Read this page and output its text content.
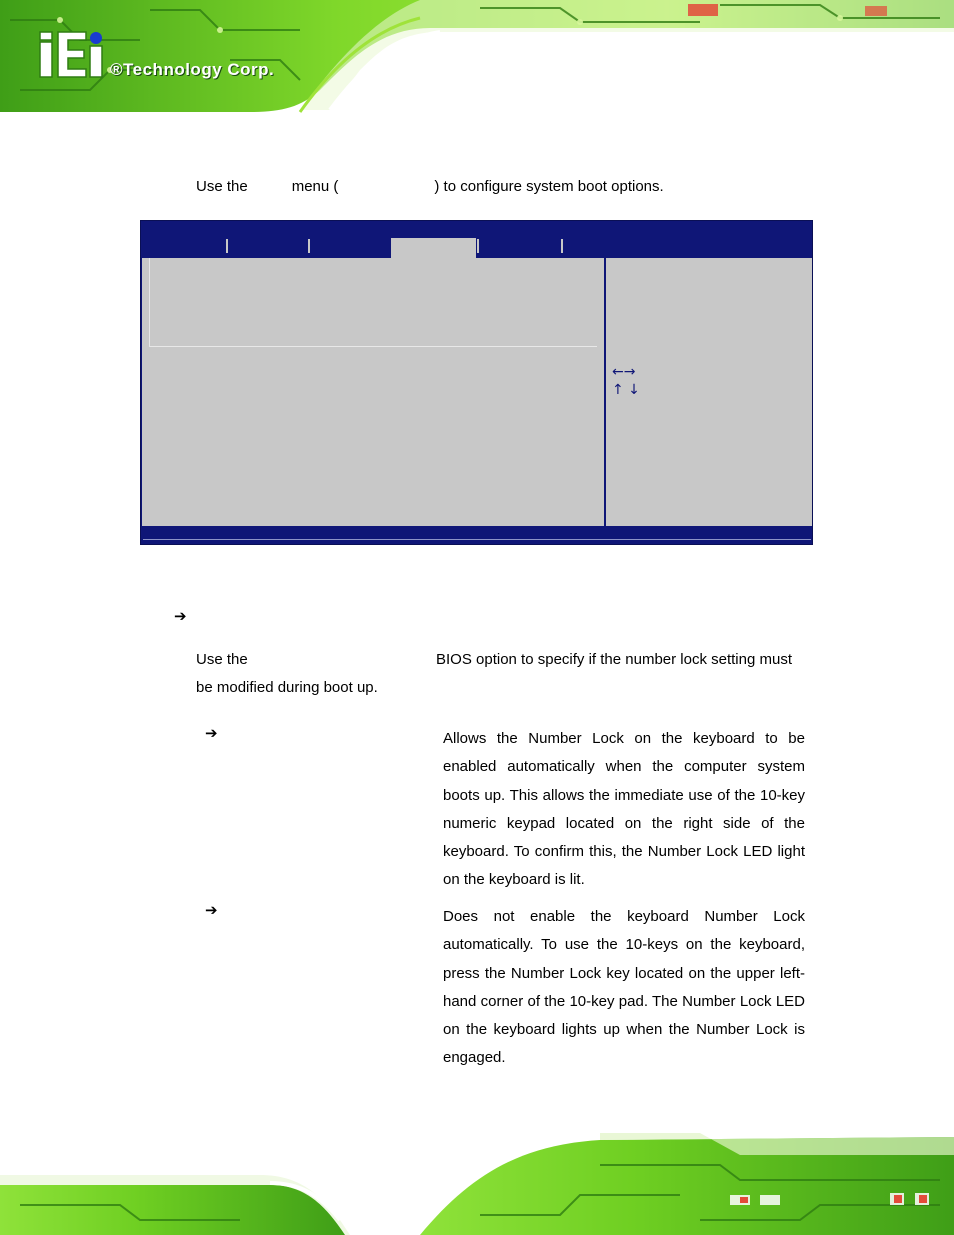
®Technology Corp.
Use the	menu (	) to configure system boot options.
←→
↑ ↓
➔
Use the	BIOS option to specify if the number lock setting must
be modified during boot up.
➔	Allows the Number Lock on the keyboard to be enabled automatically when the computer system boots up. This allows the immediate use of the 10-key numeric keypad located on the right side of the keyboard. To confirm this, the Number Lock LED light on the keyboard is lit.
➔	Does not enable the keyboard Number Lock automatically. To use the 10-keys on the keyboard, press the Number Lock key located on the upper left-hand corner of the 10-key pad. The Number Lock LED on the keyboard lights up when the Number Lock is engaged.
